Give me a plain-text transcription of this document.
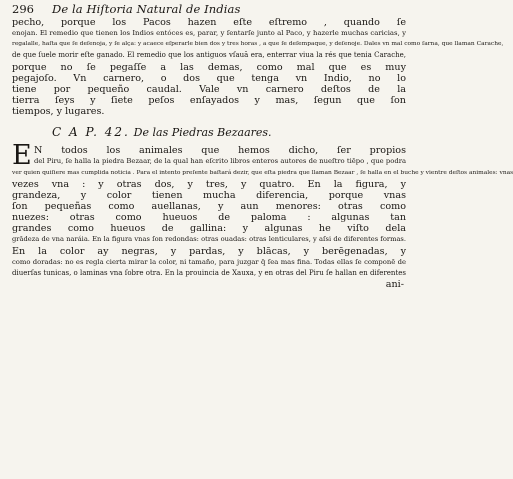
296	De la Hiſtoria Natural de Indias
pecho, porque los Pacos hazen eſte eſtremo , quando ſe
enojan. El remedio que tienen los Indios entóces es, parar, y ſentarſe junto al Paco, y hazerle muchas caricias, y
regalalle, haſta que ſe deſenoja, y ſe alça: y acaece eſperarle bien dos y tres horas , a que ſe deſempaque, y deſenoje. Dales vn mal como ſarna, que llaman Carache,
de que ſuele morir eſte ganado. El remedio que los antiguos vſauā era, enterrar viua la rés que tenia Carache,
porque no ſe pegaſſe a las demas, como mal que es muy
pegajoſo. Vn carnero, o dos que tenga vn Indio, no lo
tiene por pequeño caudal. Vale vn carnero deſtos de la
tierra ſeys y ſiete peſos enſayados y mas, ſegun que ſon
tiempos, y lugares.
C A P. 42. De las Piedras Bezaares.
E N todos los animales que hemos dicho, ſer propios
del Piru, ſe halla la piedra Bezaar, de la qual han eſcrito libros enteros autores de nueſtro tiēpo , que podra
ver quien quiſiere mas cumplida noticia . Para el intento preſente baſtará dezir, que eſta piedra que llaman Bezaar , ſe halla en el buche y vientre deſtos animales: vnas
vezes vna : y otras dos, y tres, y quatro. En la figura, y
grandeza, y color tienen mucha diferencia, porque vnas
ſon pequeñas como auellanas, y aun menores: otras como
nuezes: otras como hueuos de paloma : algunas tan
grandes como hueuos de gallina: y algunas he viſto dela
grādeza de vna naráia. En la figura vnas ſon redondas: otras ouadas: otras lenticulares, y aſsi de diferentes formas.
En la color ay negras, y pardas, y blācas, y berēgenadas, y
como doradas: no es regla cierta mirar la color, ni tamaño, para juzgar q̄ ſea mas fina. Todas ellas ſe componē de
diuerſas tunicas, o laminas vna ſobre otra. En la prouincia de Xauxa, y en otras del Piru ſe hallan en diferentes
ani-
